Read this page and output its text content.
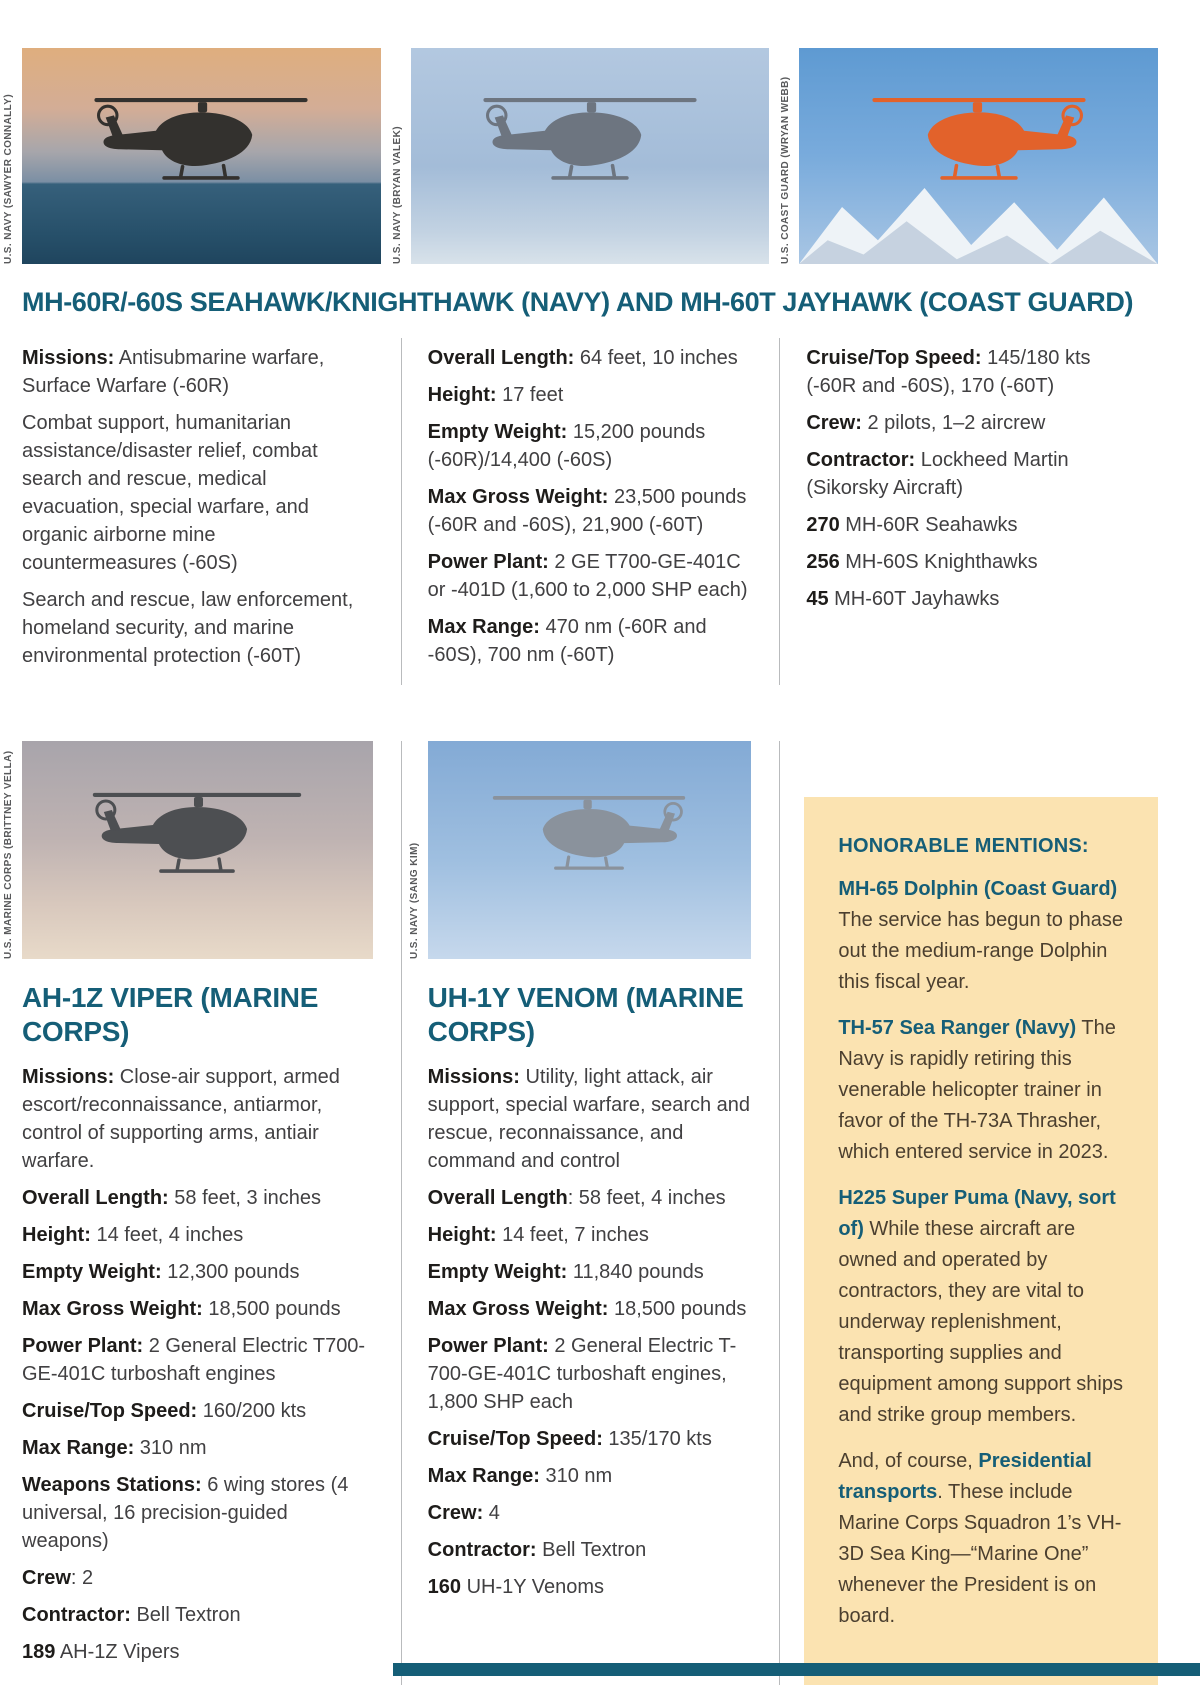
U.S. NAVY (SAWYER CONNALLY)	U.S. NAVY (BRYAN VALEK)	U.S. COAST GUARD (WRYAN WEBB)
MH-60R/-60S SEAHAWK/KNIGHTHAWK (NAVY) AND MH-60T JAYHAWK (COAST GUARD)

Missions: Antisubmarine warfare, Surface Warfare (-60R)

Combat support, humanitarian assistance/disaster relief, combat search and rescue, medical evacuation, special warfare, and organic airborne mine countermeasures (-60S)

Search and rescue, law enforcement, homeland security, and marine environmental protection (-60T)

Overall Length: 64 feet, 10 inches

Height: 17 feet

Empty Weight: 15,200 pounds (-60R)/14,400 (-60S)

Max Gross Weight: 23,500 pounds (-60R and -60S), 21,900 (-60T)

Power Plant: 2 GE T700-GE-401C or -401D (1,600 to 2,000 SHP each)

Max Range: 470 nm (-60R and -60S), 700 nm (-60T)

Cruise/Top Speed: 145/180 kts (-60R and -60S), 170 (-60T)

Crew: 2 pilots, 1–2 aircrew

Contractor: Lockheed Martin (Sikorsky Aircraft)

270 MH-60R Seahawks

256 MH-60S Knighthawks

45 MH-60T Jayhawks

U.S. MARINE CORPS (BRITTNEY VELLA)
AH-1Z VIPER (MARINE CORPS)

Missions: Close-air support, armed escort/reconnaissance, antiarmor, control of supporting arms, antiair warfare.

Overall Length: 58 feet, 3 inches

Height: 14 feet, 4 inches

Empty Weight: 12,300 pounds

Max Gross Weight: 18,500 pounds

Power Plant: 2 General Electric T700-GE-401C turboshaft engines

Cruise/Top Speed: 160/200 kts

Max Range: 310 nm

Weapons Stations: 6 wing stores (4 universal, 16 precision-guided weapons)

Crew: 2

Contractor: Bell Textron

189 AH-1Z Vipers

U.S. NAVY (SANG KIM)
UH-1Y VENOM (MARINE CORPS)

Missions: Utility, light attack, air support, special warfare, search and rescue, reconnaissance, and command and control

Overall Length: 58 feet, 4 inches

Height: 14 feet, 7 inches

Empty Weight: 11,840 pounds

Max Gross Weight: 18,500 pounds

Power Plant: 2 General Electric T-700-GE-401C turboshaft engines, 1,800 SHP each

Cruise/Top Speed: 135/170 kts

Max Range: 310 nm

Crew: 4

Contractor: Bell Textron

160 UH-1Y Venoms

HONORABLE MENTIONS:

MH-65 Dolphin (Coast Guard) The service has begun to phase out the medium-range Dolphin this fiscal year.

TH-57 Sea Ranger (Navy) The Navy is rapidly retiring this venerable helicopter trainer in favor of the TH-73A Thrasher, which entered service in 2023.

H225 Super Puma (Navy, sort of) While these aircraft are owned and operated by contractors, they are vital to underway replenishment, transporting supplies and equipment among support ships and strike group members.

And, of course, Presidential transports. These include Marine Corps Squadron 1’s VH-3D Sea King—“Marine One” whenever the President is on board.
